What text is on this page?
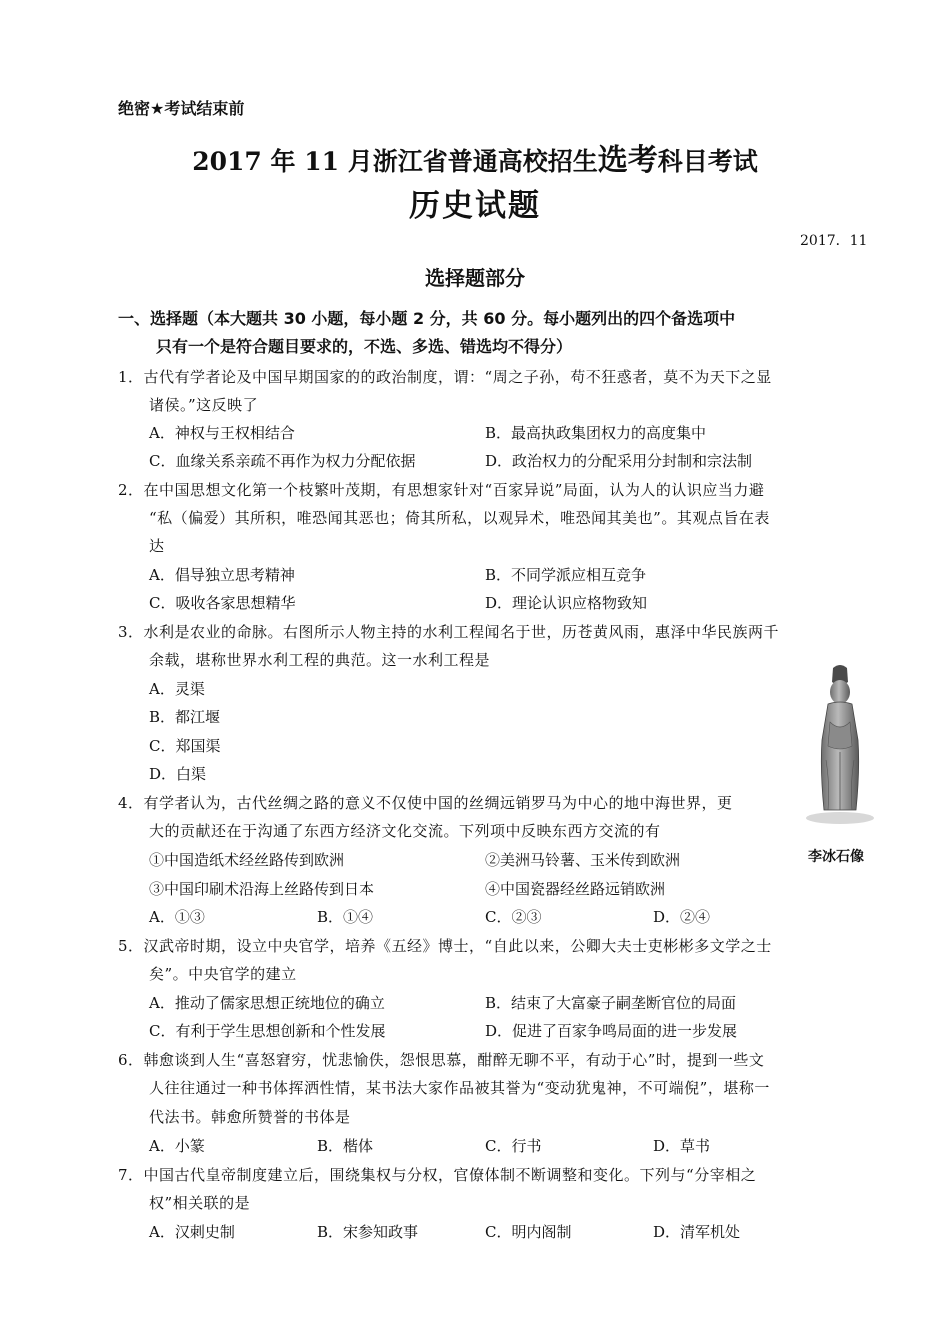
绝密★考试结束前
2017 年 11 月浙江省普通高校招生选考科目考试
历史试题
2017．11
选择题部分
一、选择题（本大题共 30 小题，每小题 2 分，共 60 分。每小题列出的四个备选项中
只有一个是符合题目要求的，不选、多选、错选均不得分）
1．古代有学者论及中国早期国家的的政治制度，谓：“周之子孙，苟不狂惑者，莫不为天下之显
诸侯。”这反映了
A．神权与王权相结合	B．最高执政集团权力的高度集中
C．血缘关系亲疏不再作为权力分配依据	D．政治权力的分配采用分封制和宗法制
2．在中国思想文化第一个枝繁叶茂期，有思想家针对“百家异说”局面，认为人的认识应当力避
“私（偏爱）其所积，唯恐闻其恶也；倚其所私，以观异术，唯恐闻其美也”。其观点旨在表
达
A．倡导独立思考精神	B．不同学派应相互竞争
C．吸收各家思想精华	D．理论认识应格物致知
3．水利是农业的命脉。右图所示人物主持的水利工程闻名于世，历苍黄风雨，惠泽中华民族两千
余载，堪称世界水利工程的典范。这一水利工程是
A．灵渠
B．都江堰
C．郑国渠
D．白渠
李冰石像
4．有学者认为，古代丝绸之路的意义不仅使中国的丝绸远销罗马为中心的地中海世界，更
大的贡献还在于沟通了东西方经济文化交流。下列项中反映东西方交流的有
①中国造纸术经丝路传到欧洲	②美洲马铃薯、玉米传到欧洲
③中国印刷术沿海上丝路传到日本	④中国瓷器经丝路远销欧洲
A．①③	B．①④	C．②③	D．②④
5．汉武帝时期，设立中央官学，培养《五经》博士，“自此以来，公卿大夫士吏彬彬多文学之士
矣”。中央官学的建立
A．推动了儒家思想正统地位的确立	B．结束了大富豪子嗣垄断官位的局面
C．有利于学生思想创新和个性发展	D．促进了百家争鸣局面的进一步发展
6．韩愈谈到人生“喜怒窘穷，忧悲愉佚，怨恨思慕，酣醉无聊不平，有动于心”时，提到一些文
人往往通过一种书体挥洒性情，某书法大家作品被其誉为“变动犹鬼神，不可端倪”，堪称一
代法书。韩愈所赞誉的书体是
A．小篆	B．楷体	C．行书	D．草书
7．中国古代皇帝制度建立后，围绕集权与分权，官僚体制不断调整和变化。下列与“分宰相之
权”相关联的是
A．汉刺史制	B．宋参知政事	C．明内阁制	D．清军机处
